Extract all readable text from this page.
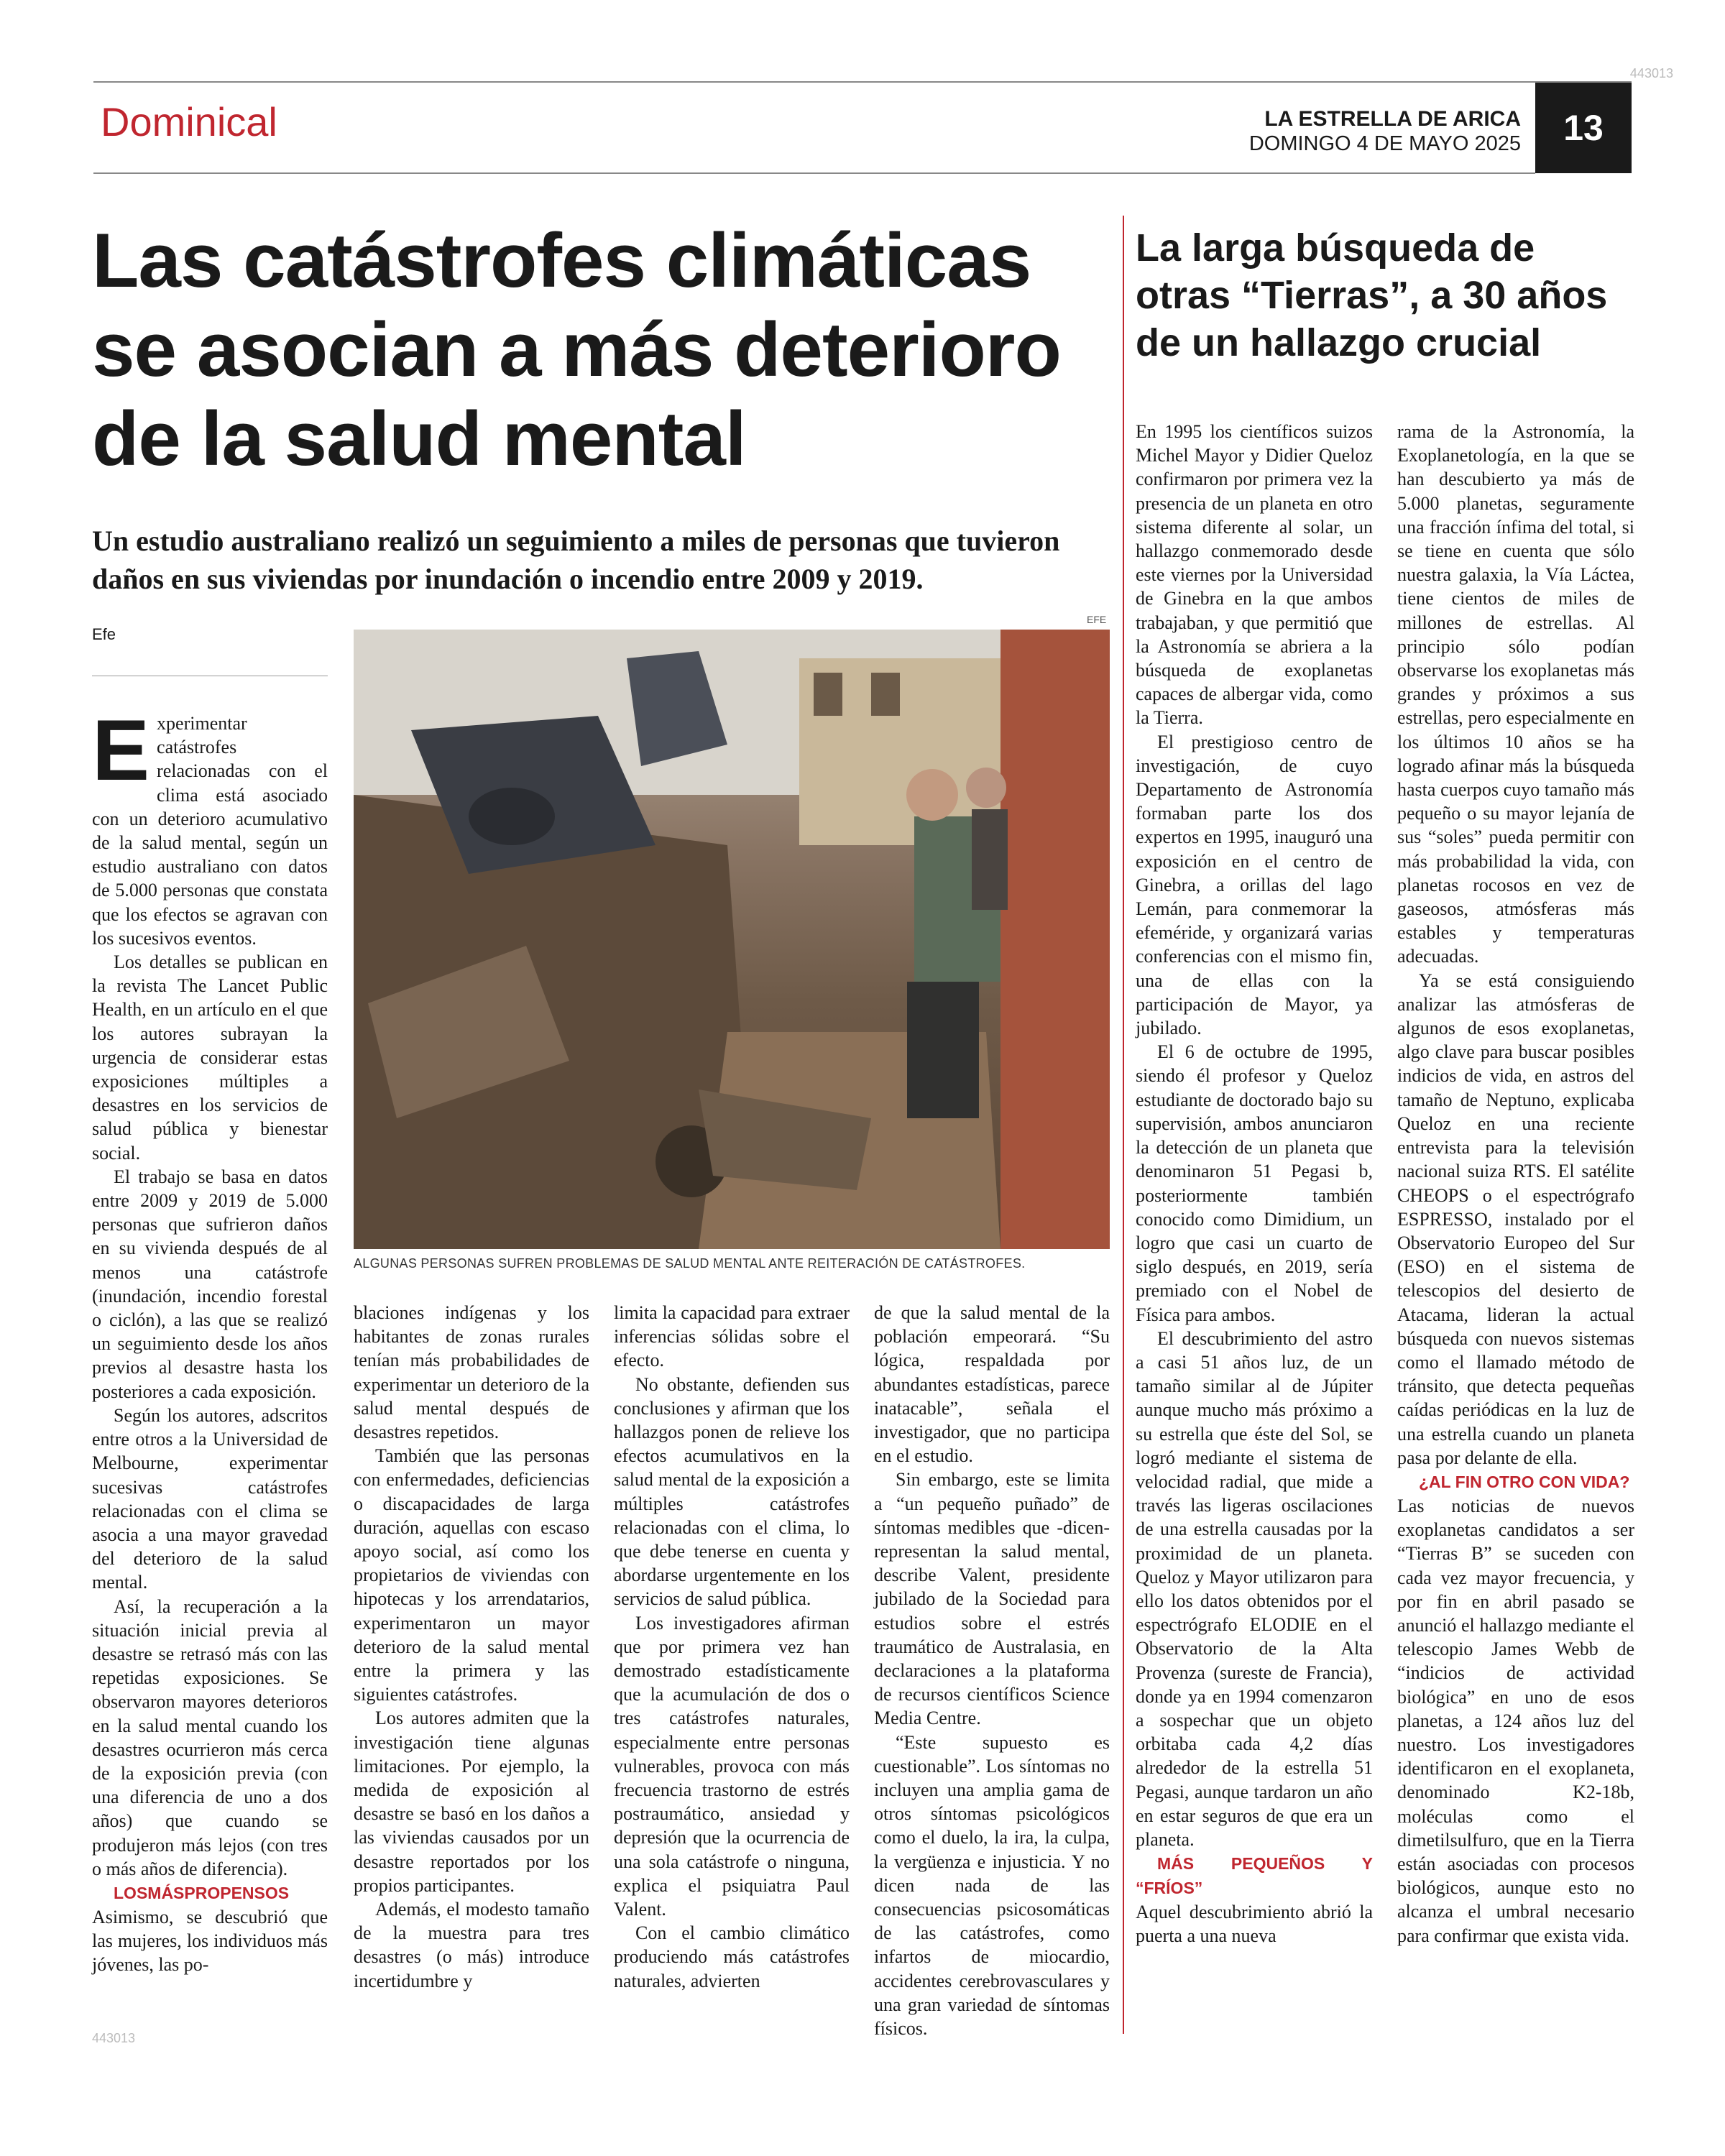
443013
Dominical	LA ESTRELLA DE ARICA
DOMINGO 4 DE MAYO 2025 13
Las catástrofes climáticas se asocian a más deterioro de la salud mental
Un estudio australiano realizó un seguimiento a miles de personas que tuvieron daños en sus viviendas por inundación o incendio entre 2009 y 2019.
Efe
EFE
ALGUNAS PERSONAS SUFREN PROBLEMAS DE SALUD MENTAL ANTE REITERACIÓN DE CATÁSTROFES.
E xperimentar catástrofes relacionadas con el clima está asociado con un deterioro acumulativo de la salud mental, según un estudio australiano con datos de 5.000 personas que constata que los efectos se agravan con los sucesivos eventos.

Los detalles se publican en la revista The Lancet Public Health, en un artículo en el que los autores subrayan la urgencia de considerar estas exposiciones múltiples a desastres en los servicios de salud pública y bienestar social.

El trabajo se basa en datos entre 2009 y 2019 de 5.000 personas que sufrieron daños en su vivienda después de al menos una catástrofe (inundación, incendio forestal o ciclón), a las que se realizó un seguimiento desde los años previos al desastre hasta los posteriores a cada exposición.

Según los autores, adscritos entre otros a la Universidad de Melbourne, experimentar sucesivas catástrofes relacionadas con el clima se asocia a una mayor gravedad del deterioro de la salud mental.

Así, la recuperación a la situación inicial previa al desastre se retrasó más con las repetidas exposiciones. Se observaron mayores deterioros en la salud mental cuando los desastres ocurrieron más cerca de la exposición previa (con una diferencia de uno a dos años) que cuando se produjeron más lejos (con tres o más años de diferencia).

LOSMÁSPROPENSOS

Asimismo, se descubrió que las mujeres, los individuos más jóvenes, las po-

blaciones indígenas y los habitantes de zonas rurales tenían más probabilidades de experimentar un deterioro de la salud mental después de desastres repetidos.

También que las personas con enfermedades, deficiencias o discapacidades de larga duración, aquellas con escaso apoyo social, así como los propietarios de viviendas con hipotecas y los arrendatarios, experimentaron un mayor deterioro de la salud mental entre la primera y las siguientes catástrofes.

Los autores admiten que la investigación tiene algunas limitaciones. Por ejemplo, la medida de exposición al desastre se basó en los daños a las viviendas causados por un desastre reportados por los propios participantes.

Además, el modesto tamaño de la muestra para tres desastres (o más) introduce incertidumbre y

limita la capacidad para extraer inferencias sólidas sobre el efecto.

No obstante, defienden sus conclusiones y afirman que los hallazgos ponen de relieve los efectos acumulativos en la salud mental de la exposición a múltiples catástrofes relacionadas con el clima, lo que debe tenerse en cuenta y abordarse urgentemente en los servicios de salud pública.

Los investigadores afirman que por primera vez han demostrado estadísticamente que la acumulación de dos o tres catástrofes naturales, especialmente entre personas vulnerables, provoca con más frecuencia trastorno de estrés postraumático, ansiedad y depresión que la ocurrencia de una sola catástrofe o ninguna, explica el psiquiatra Paul Valent.

Con el cambio climático produciendo más catástrofes naturales, advierten

de que la salud mental de la población empeorará. “Su lógica, respaldada por abundantes estadísticas, parece inatacable”, señala el investigador, que no participa en el estudio.

Sin embargo, este se limita a “un pequeño puñado” de síntomas medibles que -dicen- representan la salud mental, describe Valent, presidente jubilado de la Sociedad para estudios sobre el estrés traumático de Australasia, en declaraciones a la plataforma de recursos científicos Science Media Centre.

“Este supuesto es cuestionable”. Los síntomas no incluyen una amplia gama de otros síntomas psicológicos como el duelo, la ira, la culpa, la vergüenza e injusticia. Y no dicen nada de las consecuencias psicosomáticas de las catástrofes, como infartos de miocardio, accidentes cerebrovasculares y una gran variedad de síntomas físicos.

La larga búsqueda de otras “Tierras”, a 30 años de un hallazgo crucial

En 1995 los científicos suizos Michel Mayor y Didier Queloz confirmaron por primera vez la presencia de un planeta en otro sistema diferente al solar, un hallazgo conmemorado desde este viernes por la Universidad de Ginebra en la que ambos trabajaban, y que permitió que la Astronomía se abriera a la búsqueda de exoplanetas capaces de albergar vida, como la Tierra.

El prestigioso centro de investigación, de cuyo Departamento de Astronomía formaban parte los dos expertos en 1995, inauguró una exposición en el centro de Ginebra, a orillas del lago Lemán, para conmemorar la efeméride, y organizará varias conferencias con el mismo fin, una de ellas con la participación de Mayor, ya jubilado.

El 6 de octubre de 1995, siendo él profesor y Queloz estudiante de doctorado bajo su supervisión, ambos anunciaron la detección de un planeta que denominaron 51 Pegasi b, posteriormente también conocido como Dimidium, un logro que casi un cuarto de siglo después, en 2019, sería premiado con el Nobel de Física para ambos.

El descubrimiento del astro a casi 51 años luz, de un tamaño similar al de Júpiter aunque mucho más próximo a su estrella que éste del Sol, se logró mediante el sistema de velocidad radial, que mide a través las ligeras oscilaciones de una estrella causadas por la proximidad de un planeta. Queloz y Mayor utilizaron para ello los datos obtenidos por el espectrógrafo ELODIE en el Observatorio de la Alta Provenza (sureste de Francia), donde ya en 1994 comenzaron a sospechar que un objeto orbitaba cada 4,2 días alrededor de la estrella 51 Pegasi, aunque tardaron un año en estar seguros de que era un planeta.

MÁS PEQUEÑOS Y “FRÍOS”

Aquel descubrimiento abrió la puerta a una nueva

rama de la Astronomía, la Exoplanetología, en la que se han descubierto ya más de 5.000 planetas, seguramente una fracción ínfima del total, si se tiene en cuenta que sólo nuestra galaxia, la Vía Láctea, tiene cientos de miles de millones de estrellas. Al principio sólo podían observarse los exoplanetas más grandes y próximos a sus estrellas, pero especialmente en los últimos 10 años se ha logrado afinar más la búsqueda hasta cuerpos cuyo tamaño más pequeño o su mayor lejanía de sus “soles” pueda permitir con más probabilidad la vida, con planetas rocosos en vez de gaseosos, atmósferas más estables y temperaturas adecuadas.

Ya se está consiguiendo analizar las atmósferas de algunos de esos exoplanetas, algo clave para buscar posibles indicios de vida, en astros del tamaño de Neptuno, explicaba Queloz en una reciente entrevista para la televisión nacional suiza RTS. El satélite CHEOPS o el espectrógrafo ESPRESSO, instalado por el Observatorio Europeo del Sur (ESO) en el sistema de telescopios del desierto de Atacama, lideran la actual búsqueda con nuevos sistemas como el llamado método de tránsito, que detecta pequeñas caídas periódicas en la luz de una estrella cuando un planeta pasa por delante de ella.

¿AL FIN OTRO CON VIDA?

Las noticias de nuevos exoplanetas candidatos a ser “Tierras B” se suceden con cada vez mayor frecuencia, y por fin en abril pasado se anunció el hallazgo mediante el telescopio James Webb de “indicios de actividad biológica” en uno de esos planetas, a 124 años luz del nuestro. Los investigadores identificaron en el exoplaneta, denominado K2-18b, moléculas como el dimetilsulfuro, que en la Tierra están asociadas con procesos biológicos, aunque esto no alcanza el umbral necesario para confirmar que exista vida.

443013
